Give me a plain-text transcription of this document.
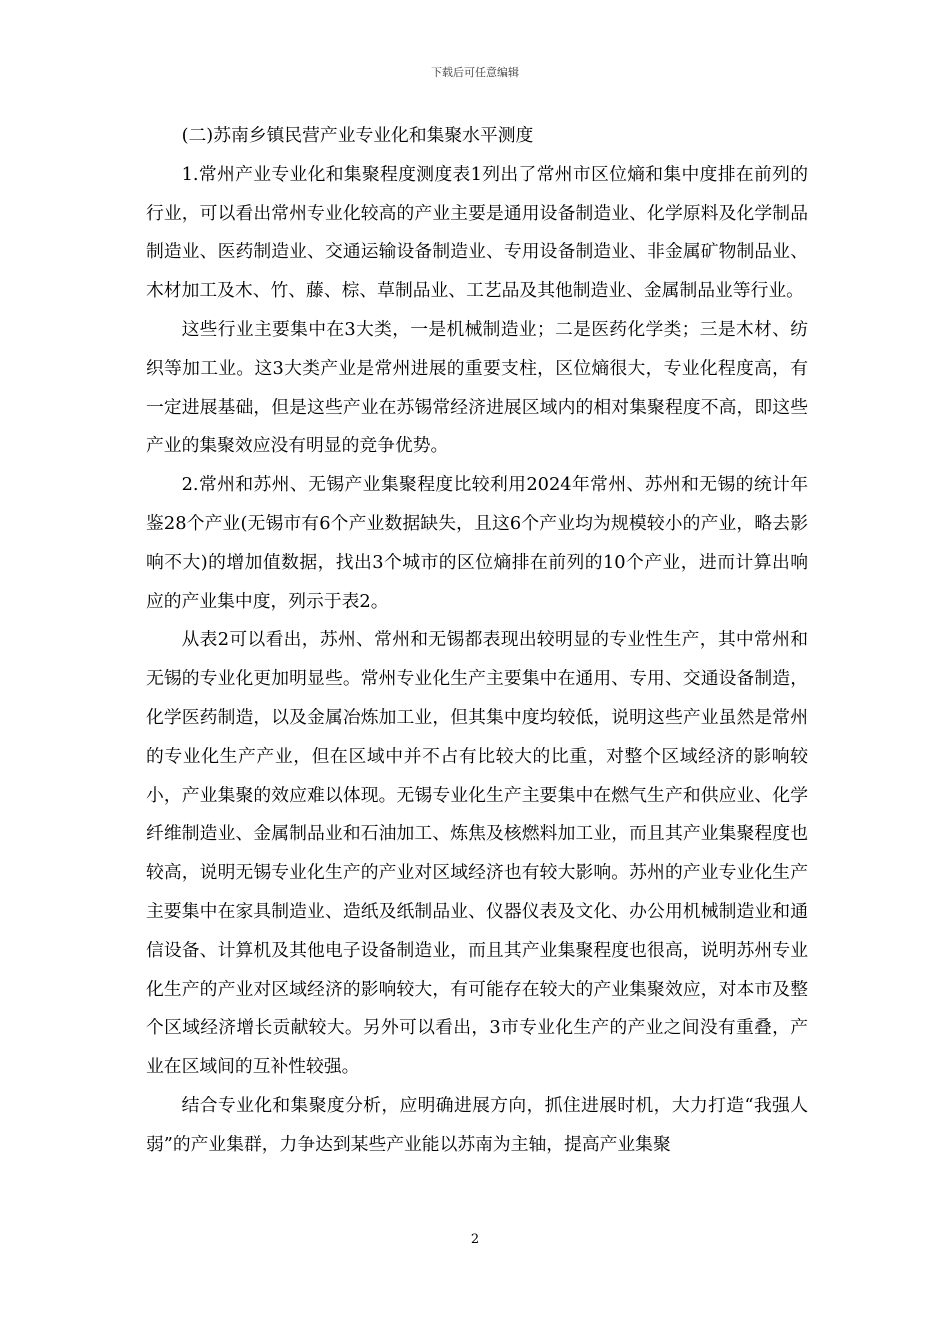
下载后可任意编辑

(二)苏南乡镇民营产业专业化和集聚水平测度

1.常州产业专业化和集聚程度测度表1列出了常州市区位熵和集中度排在前列的行业，可以看出常州专业化较高的产业主要是通用设备制造业、化学原料及化学制品制造业、医药制造业、交通运输设备制造业、专用设备制造业、非金属矿物制品业、木材加工及木、竹、藤、棕、草制品业、工艺品及其他制造业、金属制品业等行业。

这些行业主要集中在3大类，一是机械制造业；二是医药化学类；三是木材、纺织等加工业。这3大类产业是常州进展的重要支柱，区位熵很大，专业化程度高，有一定进展基础，但是这些产业在苏锡常经济进展区域内的相对集聚程度不高，即这些产业的集聚效应没有明显的竞争优势。

2.常州和苏州、无锡产业集聚程度比较利用2024年常州、苏州和无锡的统计年鉴28个产业(无锡市有6个产业数据缺失，且这6个产业均为规模较小的产业，略去影响不大)的增加值数据，找出3个城市的区位熵排在前列的10个产业，进而计算出响应的产业集中度，列示于表2。

从表2可以看出，苏州、常州和无锡都表现出较明显的专业性生产，其中常州和无锡的专业化更加明显些。常州专业化生产主要集中在通用、专用、交通设备制造，化学医药制造，以及金属冶炼加工业，但其集中度均较低，说明这些产业虽然是常州的专业化生产产业，但在区域中并不占有比较大的比重，对整个区域经济的影响较小，产业集聚的效应难以体现。无锡专业化生产主要集中在燃气生产和供应业、化学纤维制造业、金属制品业和石油加工、炼焦及核燃料加工业，而且其产业集聚程度也较高，说明无锡专业化生产的产业对区域经济也有较大影响。苏州的产业专业化生产主要集中在家具制造业、造纸及纸制品业、仪器仪表及文化、办公用机械制造业和通信设备、计算机及其他电子设备制造业，而且其产业集聚程度也很高，说明苏州专业化生产的产业对区域经济的影响较大，有可能存在较大的产业集聚效应，对本市及整个区域经济增长贡献较大。另外可以看出，3市专业化生产的产业之间没有重叠，产业在区域间的互补性较强。

结合专业化和集聚度分析，应明确进展方向，抓住进展时机，大力打造“我强人弱”的产业集群，力争达到某些产业能以苏南为主轴，提高产业集聚

2
